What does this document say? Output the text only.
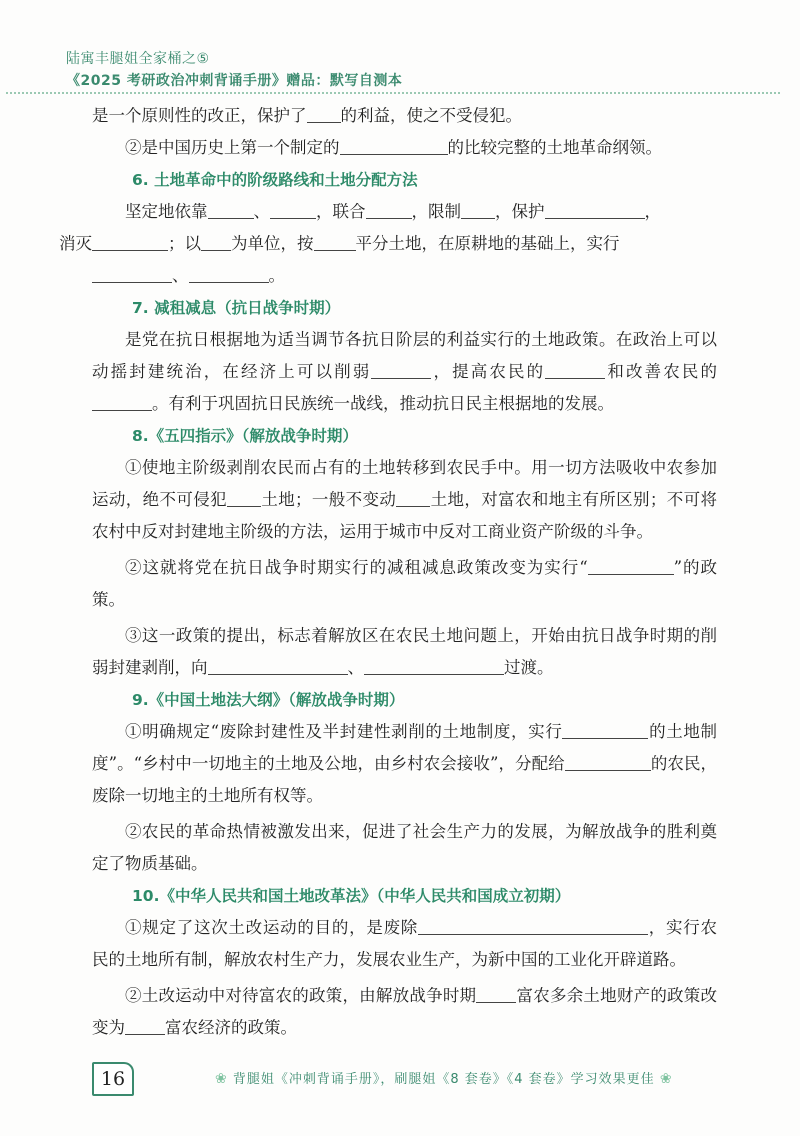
陆寓丰腿姐全家桶之⑤
《2025 考研政治冲刺背诵手册》赠品：默写自测本

是一个原则性的改正，保护了 的利益，使之不受侵犯。

②是中国历史上第一个制定的	的比较完整的土地革命纲领。

6. 土地革命中的阶级路线和土地分配方法

坚定地依靠	、	，联合	，限制 ，保护	，
消灭	；以 为单位，按	平分土地，在原耕地的基础上，实行
、	。

7. 减租减息（抗日战争时期）

是党在抗日根据地为适当调节各抗日阶层的利益实行的土地政策。在政治上可以动摇封建统治，在经济上可以削弱	，提高农民的	和改善农民的。有利于巩固抗日民族统一战线，推动抗日民主根据地的发展。

8.《五四指示》（解放战争时期）

①使地主阶级剥削农民而占有的土地转移到农民手中。用一切方法吸收中农参加运动，绝不可侵犯 土地；一般不变动 土地，对富农和地主有所区别；不可将农村中反对封建地主阶级的方法，运用于城市中反对工商业资产阶级的斗争。

②这就将党在抗日战争时期实行的减租减息政策改变为实行“	”的政策。

③这一政策的提出，标志着解放区在农民土地问题上，开始由抗日战争时期的削弱封建剥削，向	、	过渡。

9.《中国土地法大纲》（解放战争时期）

①明确规定“废除封建性及半封建性剥削的土地制度，实行	的土地制度”。“乡村中一切地主的土地及公地，由乡村农会接收”，分配给	的农民，废除一切地主的土地所有权等。

②农民的革命热情被激发出来，促进了社会生产力的发展，为解放战争的胜利奠定了物质基础。

10.《中华人民共和国土地改革法》（中华人民共和国成立初期）

①规定了这次土改运动的目的，是废除	，实行农民的土地所有制，解放农村生产力，发展农业生产，为新中国的工业化开辟道路。

②土改运动中对待富农的政策，由解放战争时期 富农多余土地财产的政策改变为 富农经济的政策。

16	❀ 背腿姐《冲刺背诵手册》，刷腿姐《8 套卷》《4 套卷》学习效果更佳 ❀
